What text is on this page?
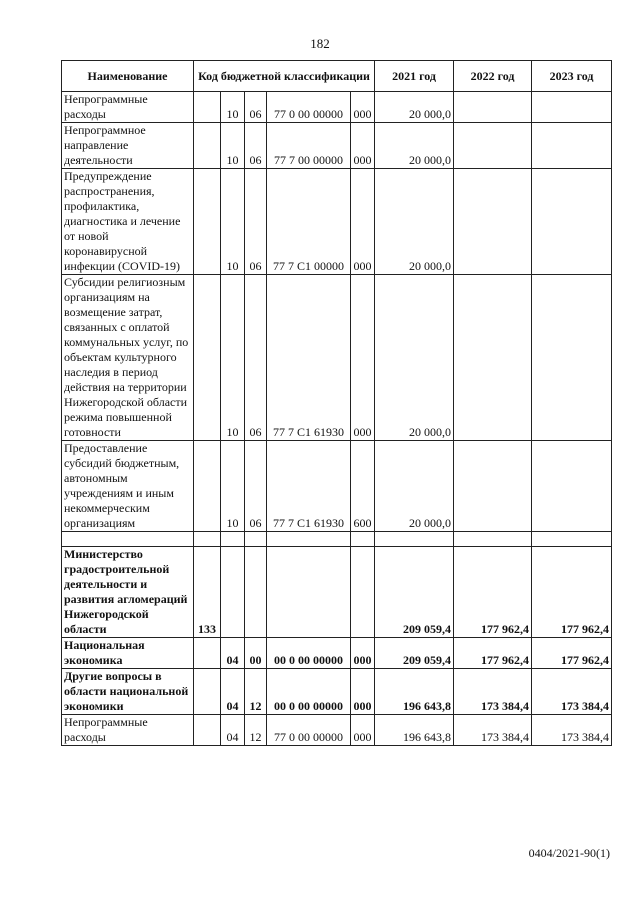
182
Наименование	Код бюджетной классификации					2021 год	2022 год	2023 год
Непрограммные расходы		10	06	77 0 00 00000	000	20 000,0		
Непрограммное направление деятельности		10	06	77 7 00 00000	000	20 000,0		
Предупреждение распространения, профилактика, диагностика и лечение от новой коронавирусной инфекции (COVID-19)		10	06	77 7 С1 00000	000	20 000,0		
Субсидии религиозным организациям на возмещение затрат, связанных с оплатой коммунальных услуг, по объектам культурного наследия в период действия на территории Нижегородской области режима повышенной готовности		10	06	77 7 С1 61930	000	20 000,0		
Предоставление субсидий бюджетным, автономным учреждениям и иным некоммерческим организациям		10	06	77 7 С1 61930	600	20 000,0		

Министерство градостроительной деятельности и развития агломераций Нижегородской области	133					209 059,4	177 962,4	177 962,4
Национальная экономика		04	00	00 0 00 00000	000	209 059,4	177 962,4	177 962,4
Другие вопросы в области национальной экономики		04	12	00 0 00 00000	000	196 643,8	173 384,4	173 384,4
Непрограммные расходы		04	12	77 0 00 00000	000	196 643,8	173 384,4	173 384,4
0404/2021-90(1)
